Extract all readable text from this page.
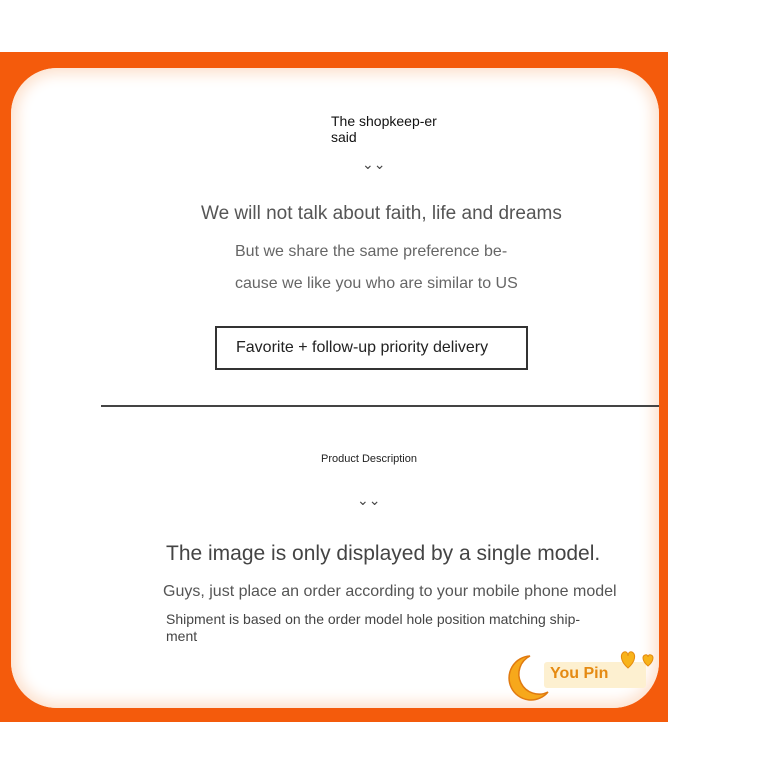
The shopkeep-er said
⌄⌄
We will not talk about faith, life and dreams
But we share the same preference be-
cause we like you who are similar to US
Favorite + follow-up priority delivery
Product Description
⌄⌄
The image is only displayed by a single model.
Guys, just place an order according to your mobile phone model
Shipment is based on the order model hole position matching ship-ment
You Pin
